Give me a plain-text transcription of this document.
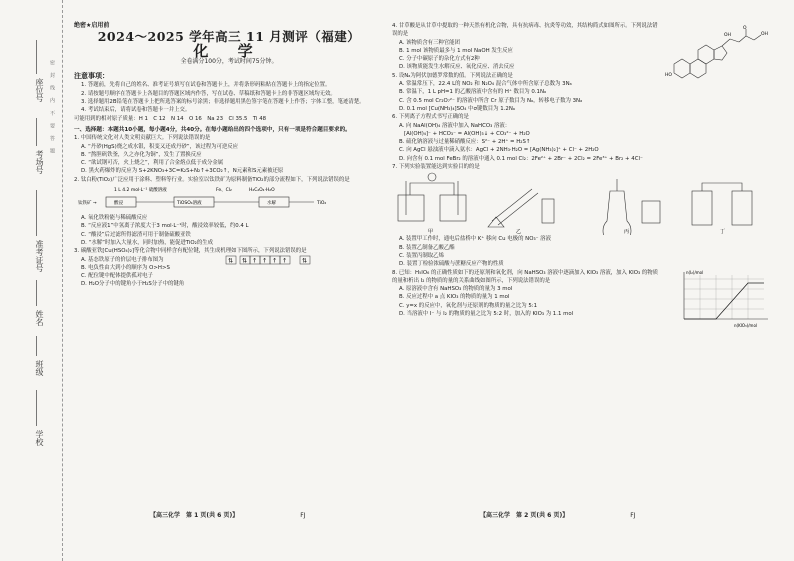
座位号
考场号
准考证号
姓名
班级
学校
密 封 线 内 不 要 答 题
绝密★启用前
2024～2025 学年高三 11 月测评（福建）
化 学
全卷满分100分，考试时间75分钟。
注意事项：

1. 答题前，先将自己的姓名、准考证号填写在试卷和答题卡上，并将条形码粘贴在答题卡上的指定位置。

2. 请按题号顺序在答题卡上各题目的答题区域内作答，写在试卷、草稿纸和答题卡上的非答题区域均无效。

3. 选择题用2B铅笔在答题卡上把所选答案的标号涂黑；非选择题用黑色签字笔在答题卡上作答；字体工整，笔迹清楚。

4. 考试结束后，请将试卷和答题卡一并上交。

可能用到的相对原子质量：H 1　C 12　N 14　O 16　Na 23　Cl 35.5　Ti 48

一、选择题：本题共10小题，每小题4分，共40分。在每小题给出的四个选项中，只有一项是符合题目要求的。

1. 中国传统文化对人类文明贡献巨大。下列说法错误的是

A. “丹砂(HgS)烧之成水银，积变又还成丹砂”，该过程为可逆反应

B. “熬胆矾铁釜，久之亦化为铜”，发生了置换反应

C. “欲试钢可否，火上烧之”，利用了合金熔点低于成分金属

D. 黑火药爆炸的反应为 S+2KNO₃+3C=K₂S+N₂↑+3CO₂↑，N元素和S元素被还原

2. 钛白粉(TiO₂)广泛应用于涂料、塑料等行业。实验室以钛铁矿为原料制备TiO₂的部分流程如下，下列说法错误的是

1 L 4.2 mol·L⁻¹ 硫酸溶液	Fe、Cl₂	H₂C₂O₄·H₂O
钛铁矿 →	酸浸	TiOSO₄溶液	水解	TiO₂

A. 氧化铁粉能与稀硫酸反应

B. “反应液1”中氢离子浓度大于3 mol·L⁻¹时，酸浸效率较低，约0.4 L

C. “酸浸”后过滤所得滤渣可用于制备硫酸亚铁

D. “水解”时加入大量水，同时加热，能促进TiO₂的生成

3. 碳酸亚铁[Cu(HSO₄)₂]等化合物中同样含有配位键，其生成机理如下图所示，下列说法错误的是

A. 基态铁原子的价层电子排布图为	⇅ ⇅ ↑ ↑ ↑ ↑ ⇅

B. 电负性由大到小的顺序为 O>H>S

C. 配位键中配体提供孤对电子

D. H₂O分子中的键角小于H₂S分子中的键角

【高三化学　第 1 页(共 6 页)】	FJ

4. 甘草酸是从甘草中提取的一种天然有机化合物，具有抗病毒、抗炎等功效，其结构简式如图所示。下列说法错误的是

A. 该物质含有三种官能团

B. 1 mol 该物质最多与 1 mol NaOH 发生反应

C. 分子中碳原子的杂化方式有2种

D. 该物质能发生水解反应、氧化反应、消去反应

HO
O
OH
OH

5. 设Nₐ为阿伏加德罗常数的值。下列说法正确的是

A. 常温常压下，22.4 L的 NO₂ 和 N₂O₄ 混合气体中所含原子总数为 3Nₐ

B. 常温下，1 L pH=1 的乙酸溶液中含有的 H⁺ 数目为 0.1Nₐ

C. 含 0.5 mol Cr₂O₇²⁻ 的溶液中所含 Cr 原子数目为 Nₐ，转移电子数为 3Nₐ

D. 0.1 mol [Cu(NH₃)₄]SO₄ 中σ键数目为 1.2Nₐ

6. 下列离子方程式书写正确的是

A. 向 NaAl(OH)₄ 溶液中加入 NaHCO₃ 溶液：

[Al(OH)₄]⁻ + HCO₃⁻ = Al(OH)₃↓ + CO₃²⁻ + H₂O

B. 硫化钠溶液与过量稀硝酸反应：S²⁻ + 2H⁺ = H₂S↑

C. 向 AgCl 悬浊液中滴入氨水：AgCl + 2NH₃·H₂O = [Ag(NH₃)₂]⁺ + Cl⁻ + 2H₂O

D. 向含有 0.1 mol FeBr₂ 的溶液中通入 0.1 mol Cl₂：2Fe²⁺ + 2Br⁻ + 2Cl₂ = 2Fe³⁺ + Br₂ + 4Cl⁻

7. 下列实验装置能达到实验目的的是

甲	乙	丙	丁

A. 装置甲工作时，通电后盐桥中 K⁺ 移向 Cu 电极的 NO₃⁻ 溶液

B. 装置乙制备乙酸乙酯

C. 装置丙制取乙烯

D. 装置丁检验浓硫酸与蔗糖反应产物的性质

8. 已知：H₅IO₆ 的正确性质如下的还原剂和氧化剂，向 NaHSO₃ 溶液中逐滴加入 KIO₃ 溶液，加入 KIO₃ 的物质的量和析出 I₂ 的物质的量的关系曲线如图所示，下列说法错误的是

A. 原溶液中含有 NaHSO₃ 的物质的量为 3 mol

B. 反应过程中 a 点 KIO₃ 的物质的量为 1 mol

C. y=x 的反应中，氧化剂与还原剂的物质的量之比为 5:1

D. 当溶液中 I⁻ 与 I₂ 的物质的量之比为 5:2 时，加入的 KIO₃ 为 1.1 mol

n(I₂)/mol
n(KIO₃)/mol
【高三化学　第 2 页(共 6 页)】	FJ
